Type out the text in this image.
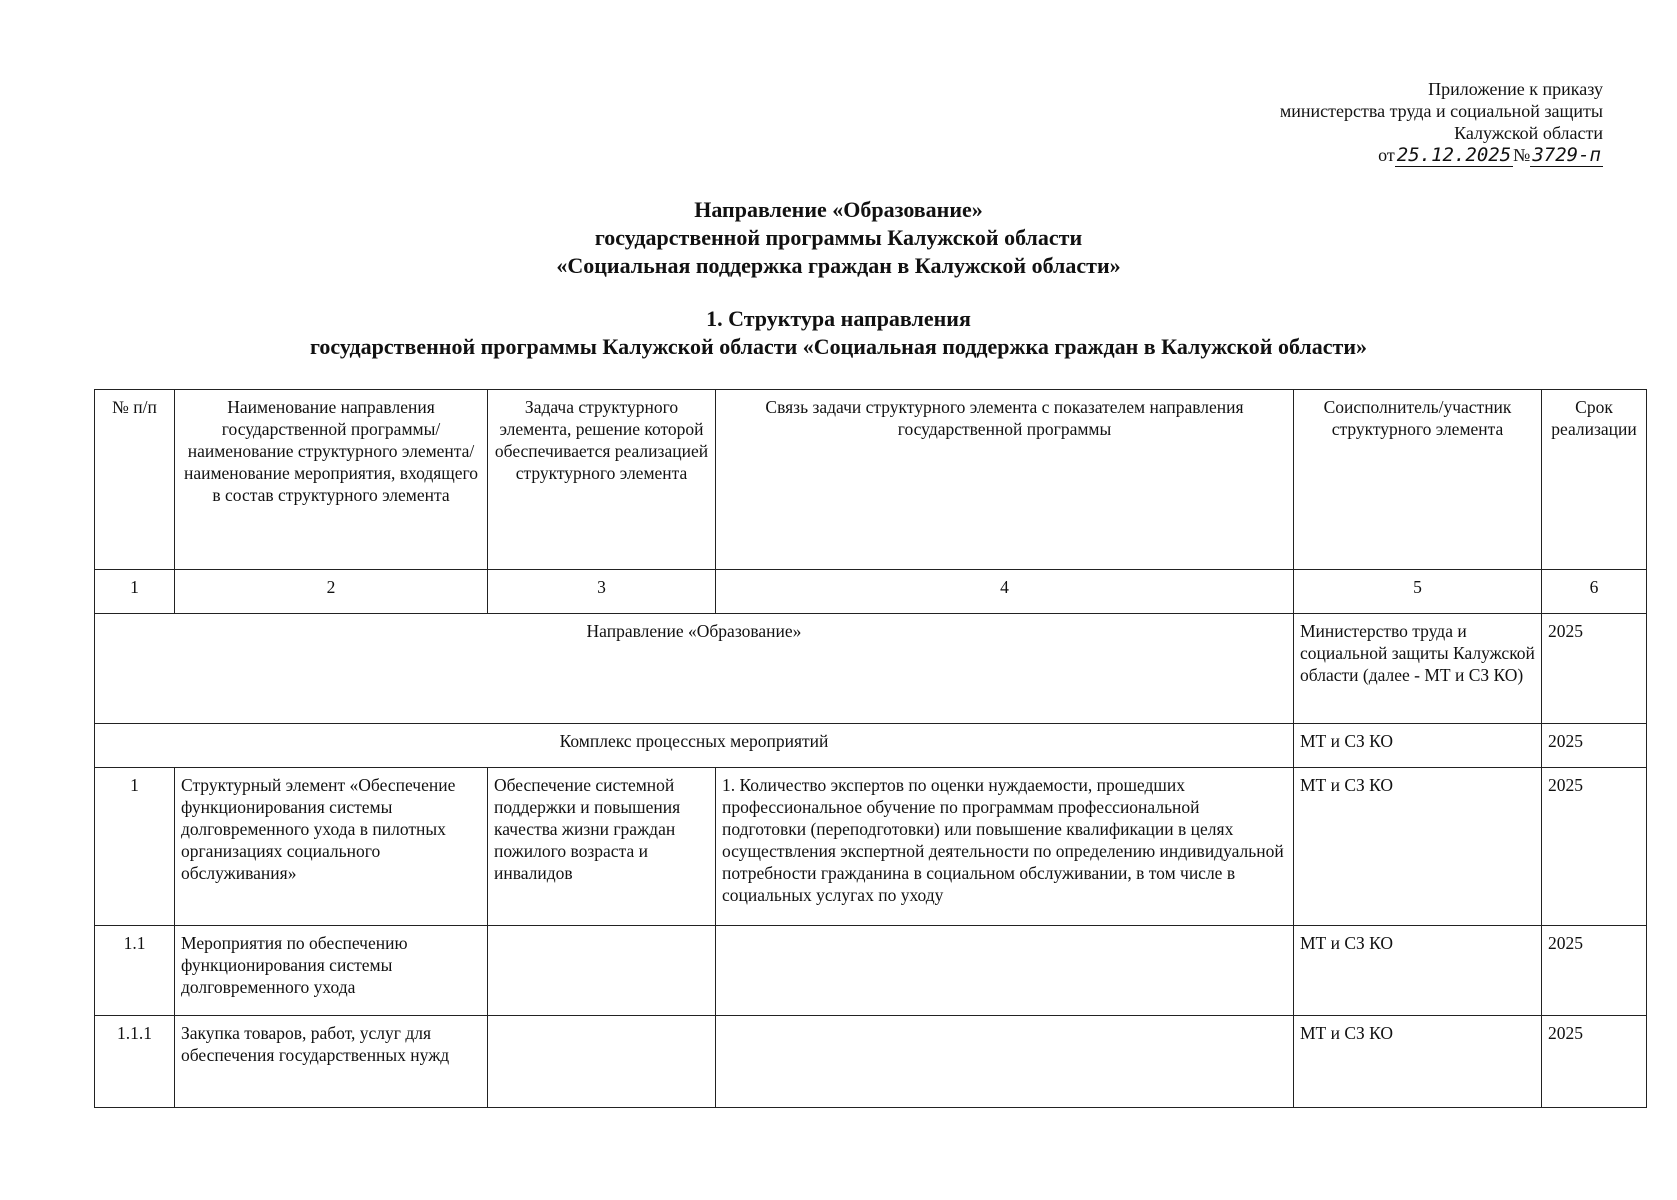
Приложение к приказу
министерства труда и социальной защиты
Калужской области
от 25.12.2025 № 3729-п
Направление «Образование»
государственной программы Калужской области
«Социальная поддержка граждан в Калужской области»
1. Структура направления
государственной программы Калужской области «Социальная поддержка граждан в Калужской области»
№ п/п	Наименование направления государственной программы/наименование структурного элемента/наименование мероприятия, входящего в состав структурного элемента	Задача структурного элемента, решение которой обеспечивается реализацией структурного элемента	Связь задачи структурного элемента с показателем направления государственной программы	Соисполнитель/участник структурного элемента	Срок реализации
1	2	3	4	5	6
Направление «Образование»				Министерство труда и социальной защиты Калужской области (далее - МТ и СЗ КО)	2025
Комплекс процессных мероприятий				МТ и СЗ КО	2025
1	Структурный элемент «Обеспечение функционирования системы долговременного ухода в пилотных организациях социального обслуживания»	Обеспечение системной поддержки и повышения качества жизни граждан пожилого возраста и инвалидов	1. Количество экспертов по оценки нуждаемости, прошедших профессиональное обучение по программам профессиональной подготовки (переподготовки) или повышение квалификации в целях осуществления экспертной деятельности по определению индивидуальной потребности гражданина в социальном обслуживании, в том числе в социальных услугах по уходу	МТ и СЗ КО	2025
1.1	Мероприятия по обеспечению функционирования системы долговременного ухода			МТ и СЗ КО	2025
1.1.1	Закупка товаров, работ, услуг для обеспечения государственных нужд			МТ и СЗ КО	2025
